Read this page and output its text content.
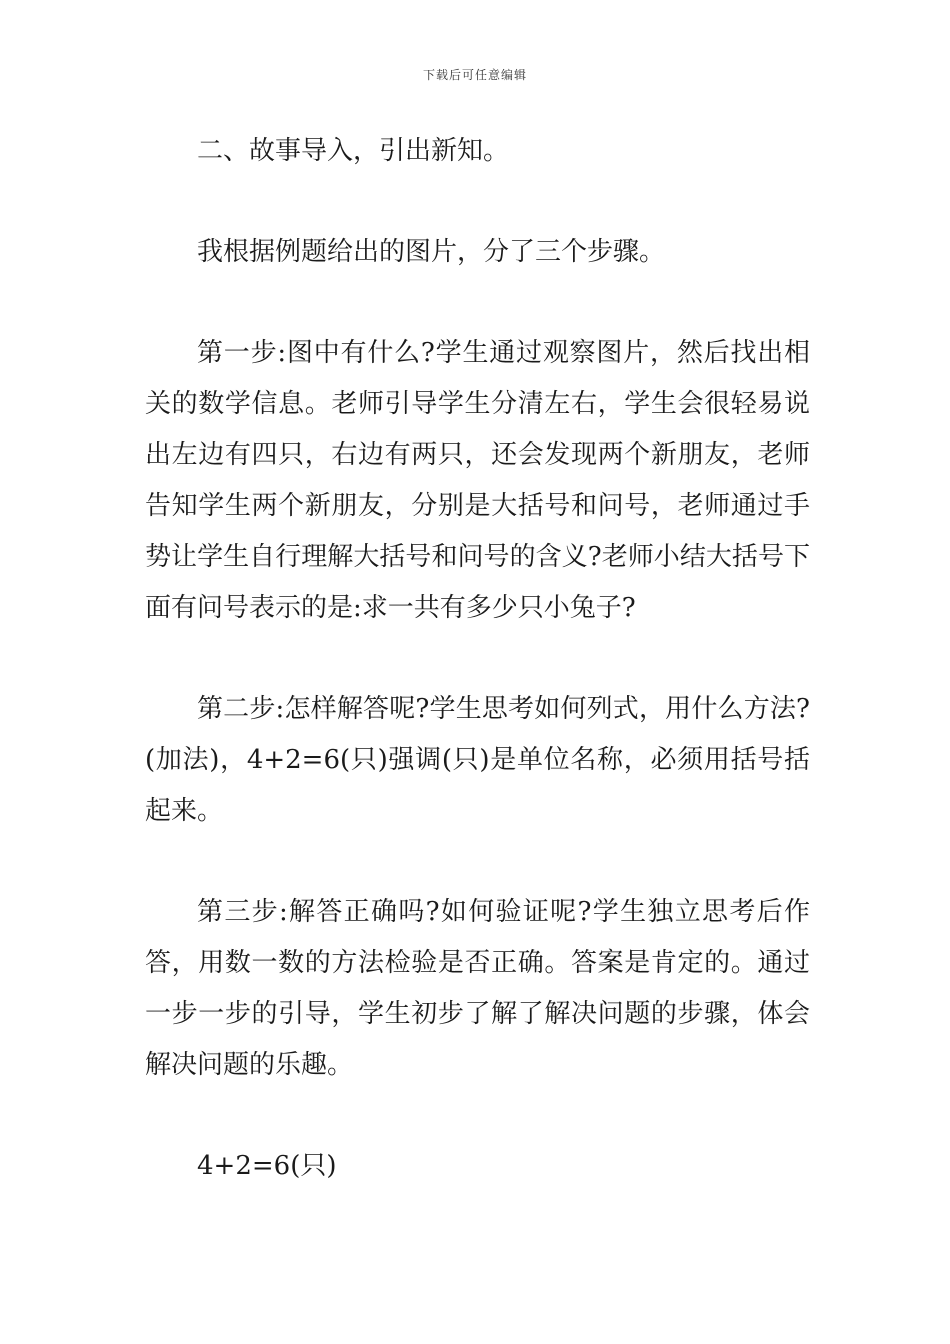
下载后可任意编辑

二、故事导入，引出新知。

我根据例题给出的图片，分了三个步骤。

第一步:图中有什么?学生通过观察图片，然后找出相关的数学信息。老师引导学生分清左右，学生会很轻易说出左边有四只，右边有两只，还会发现两个新朋友，老师告知学生两个新朋友，分别是大括号和问号，老师通过手势让学生自行理解大括号和问号的含义?老师小结大括号下面有问号表示的是:求一共有多少只小兔子?

第二步:怎样解答呢?学生思考如何列式，用什么方法?(加法)，4+2=6(只)强调(只)是单位名称，必须用括号括起来。

第三步:解答正确吗?如何验证呢?学生独立思考后作答，用数一数的方法检验是否正确。答案是肯定的。通过一步一步的引导，学生初步了解了解决问题的步骤，体会解决问题的乐趣。

4+2=6(只)
